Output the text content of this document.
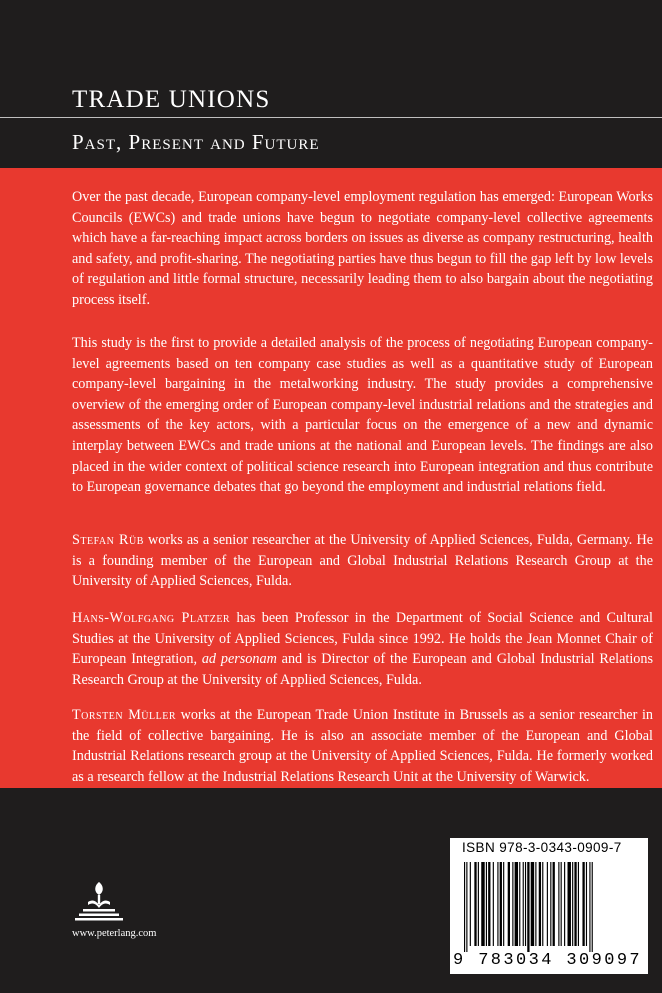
TRADE UNIONS
Past, Present and Future

Over the past decade, European company-level employment regulation has emerged: European Works Councils (EWCs) and trade unions have begun to negotiate company-level collective agreements which have a far-reaching impact across borders on issues as diverse as company restructuring, health and safety, and profit-sharing. The negotiating parties have thus begun to fill the gap left by low levels of regulation and little formal structure, necessarily leading them to also bargain about the negotiating process itself.

This study is the first to provide a detailed analysis of the process of negotiating European company-level agreements based on ten company case studies as well as a quantitative study of European company-level bargaining in the metalworking industry. The study provides a comprehensive overview of the emerging order of European company-level industrial relations and the strategies and assessments of the key actors, with a particular focus on the emergence of a new and dynamic interplay between EWCs and trade unions at the national and European levels. The findings are also placed in the wider context of political science research into European integration and thus contribute to European governance debates that go beyond the employment and industrial relations field.

Stefan Rüb works as a senior researcher at the University of Applied Sciences, Fulda, Germany. He is a founding member of the European and Global Industrial Relations Research Group at the University of Applied Sciences, Fulda.

Hans-Wolfgang Platzer has been Professor in the Department of Social Science and Cultural Studies at the University of Applied Sciences, Fulda since 1992. He holds the Jean Monnet Chair of European Integration, ad personam and is Director of the European and Global Industrial Relations Research Group at the University of Applied Sciences, Fulda.

Torsten Müller works at the European Trade Union Institute in Brussels as a senior researcher in the field of collective bargaining. He is also an associate member of the European and Global Industrial Relations research group at the University of Applied Sciences, Fulda. He formerly worked as a research fellow at the Industrial Relations Research Unit at the University of Warwick.

www.peterlang.com
ISBN 978-3-0343-0909-7
9 783034 309097
